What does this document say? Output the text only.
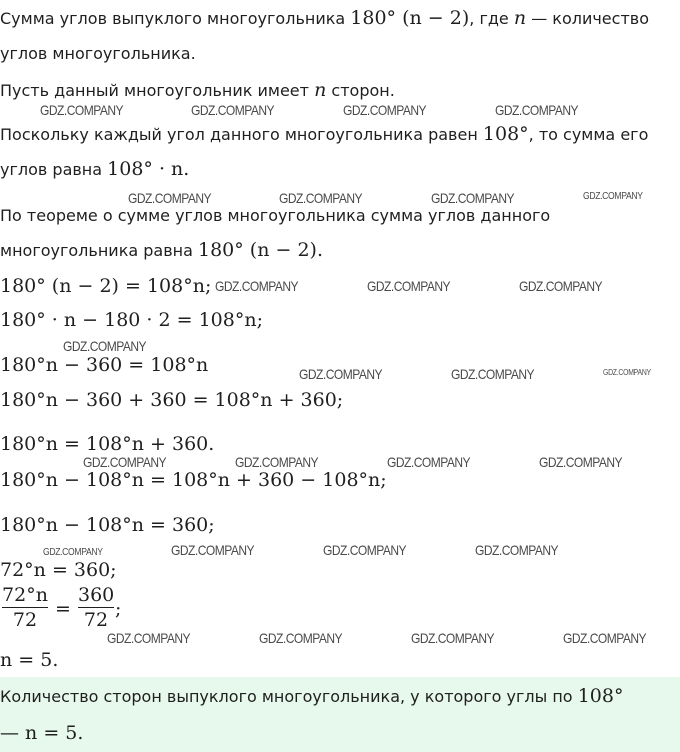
Сумма углов выпуклого многоугольника 180° (n − 2), где n — количество
углов многоугольника.
Пусть данный многоугольник имеет n сторон.
Поскольку каждый угол данного многоугольника равен 108°, то сумма его
углов равна 108° · n.
По теореме о сумме углов многоугольника сумма углов данного
многоугольника равна 180° (n − 2).
180° (n − 2) = 108°n;
180° · n − 180 · 2 = 108°n;
180°n − 360 = 108°n
180°n − 360 + 360 = 108°n + 360;
180°n = 108°n + 360.
180°n − 108°n = 108°n + 360 − 108°n;
180°n − 108°n = 360;
72°n = 360;
72°n
72 =
360
72 ;
n = 5.
Количество сторон выпуклого многоугольника, у которого углы по 108°
— n = 5.
GDZ.COMPANY	GDZ.COMPANY	GDZ.COMPANY	GDZ.COMPANY
GDZ.COMPANY	GDZ.COMPANY	GDZ.COMPANY	GDZ.COMPANY
GDZ.COMPANY	GDZ.COMPANY	GDZ.COMPANY
GDZ.COMPANY
GDZ.COMPANY	GDZ.COMPANY	GDZ.COMPANY
GDZ.COMPANY	GDZ.COMPANY	GDZ.COMPANY	GDZ.COMPANY
GDZ.COMPANY	GDZ.COMPANY	GDZ.COMPANY	GDZ.COMPANY
GDZ.COMPANY	GDZ.COMPANY	GDZ.COMPANY	GDZ.COMPANY
